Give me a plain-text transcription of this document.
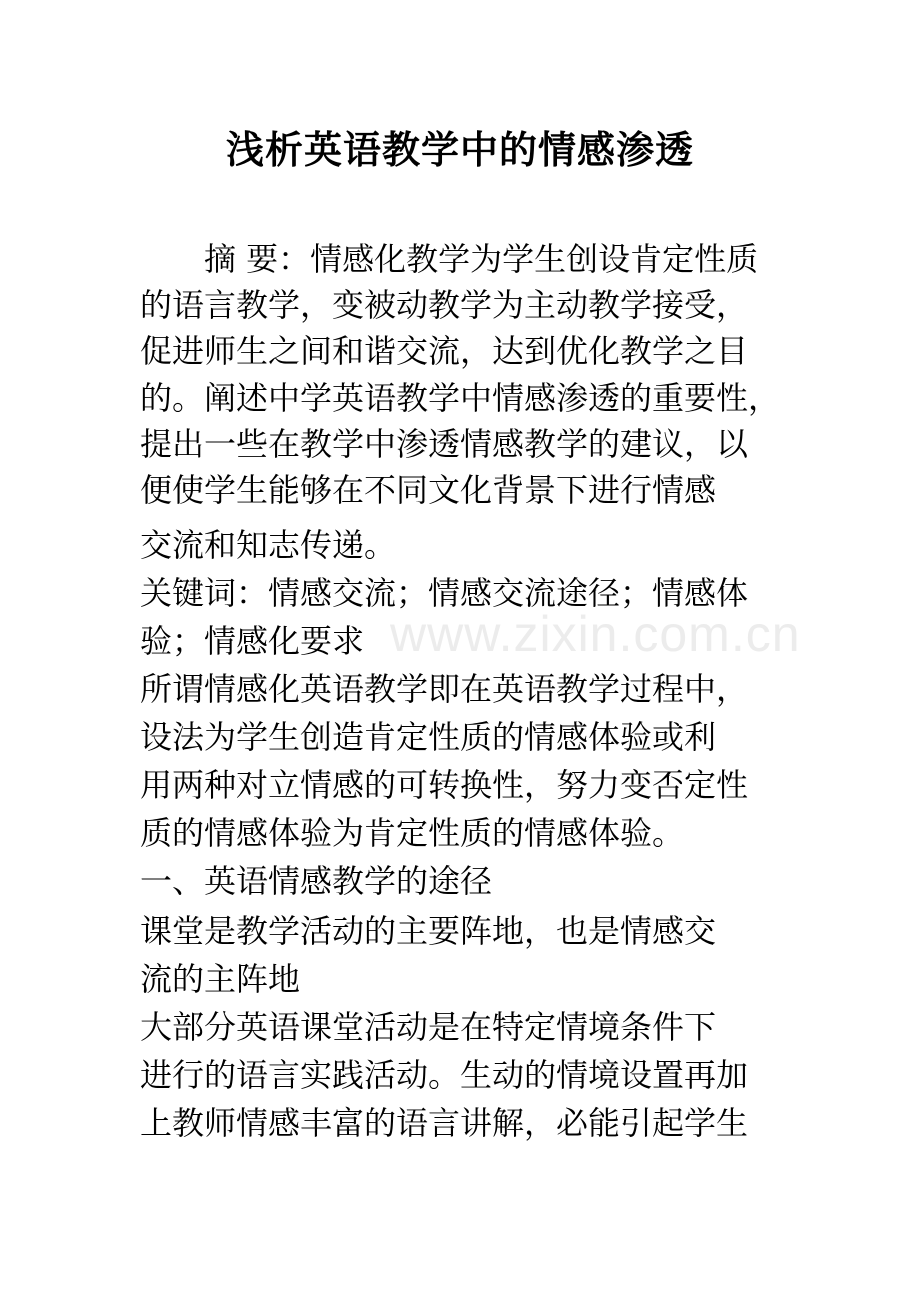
www.zixin.com.cn
浅析英语教学中的情感渗透
　　摘 要：情感化教学为学生创设肯定性质
的语言教学，变被动教学为主动教学接受，
促进师生之间和谐交流，达到优化教学之目
的。阐述中学英语教学中情感渗透的重要性，
提出一些在教学中渗透情感教学的建议，以
便使学生能够在不同文化背景下进行情感
交流和知志传递。
关键词：情感交流；情感交流途径；情感体
验；情感化要求
所谓情感化英语教学即在英语教学过程中，
设法为学生创造肯定性质的情感体验或利
用两种对立情感的可转换性，努力变否定性
质的情感体验为肯定性质的情感体验。
一、英语情感教学的途径
课堂是教学活动的主要阵地，也是情感交
流的主阵地
大部分英语课堂活动是在特定情境条件下
进行的语言实践活动。生动的情境设置再加
上教师情感丰富的语言讲解，必能引起学生
